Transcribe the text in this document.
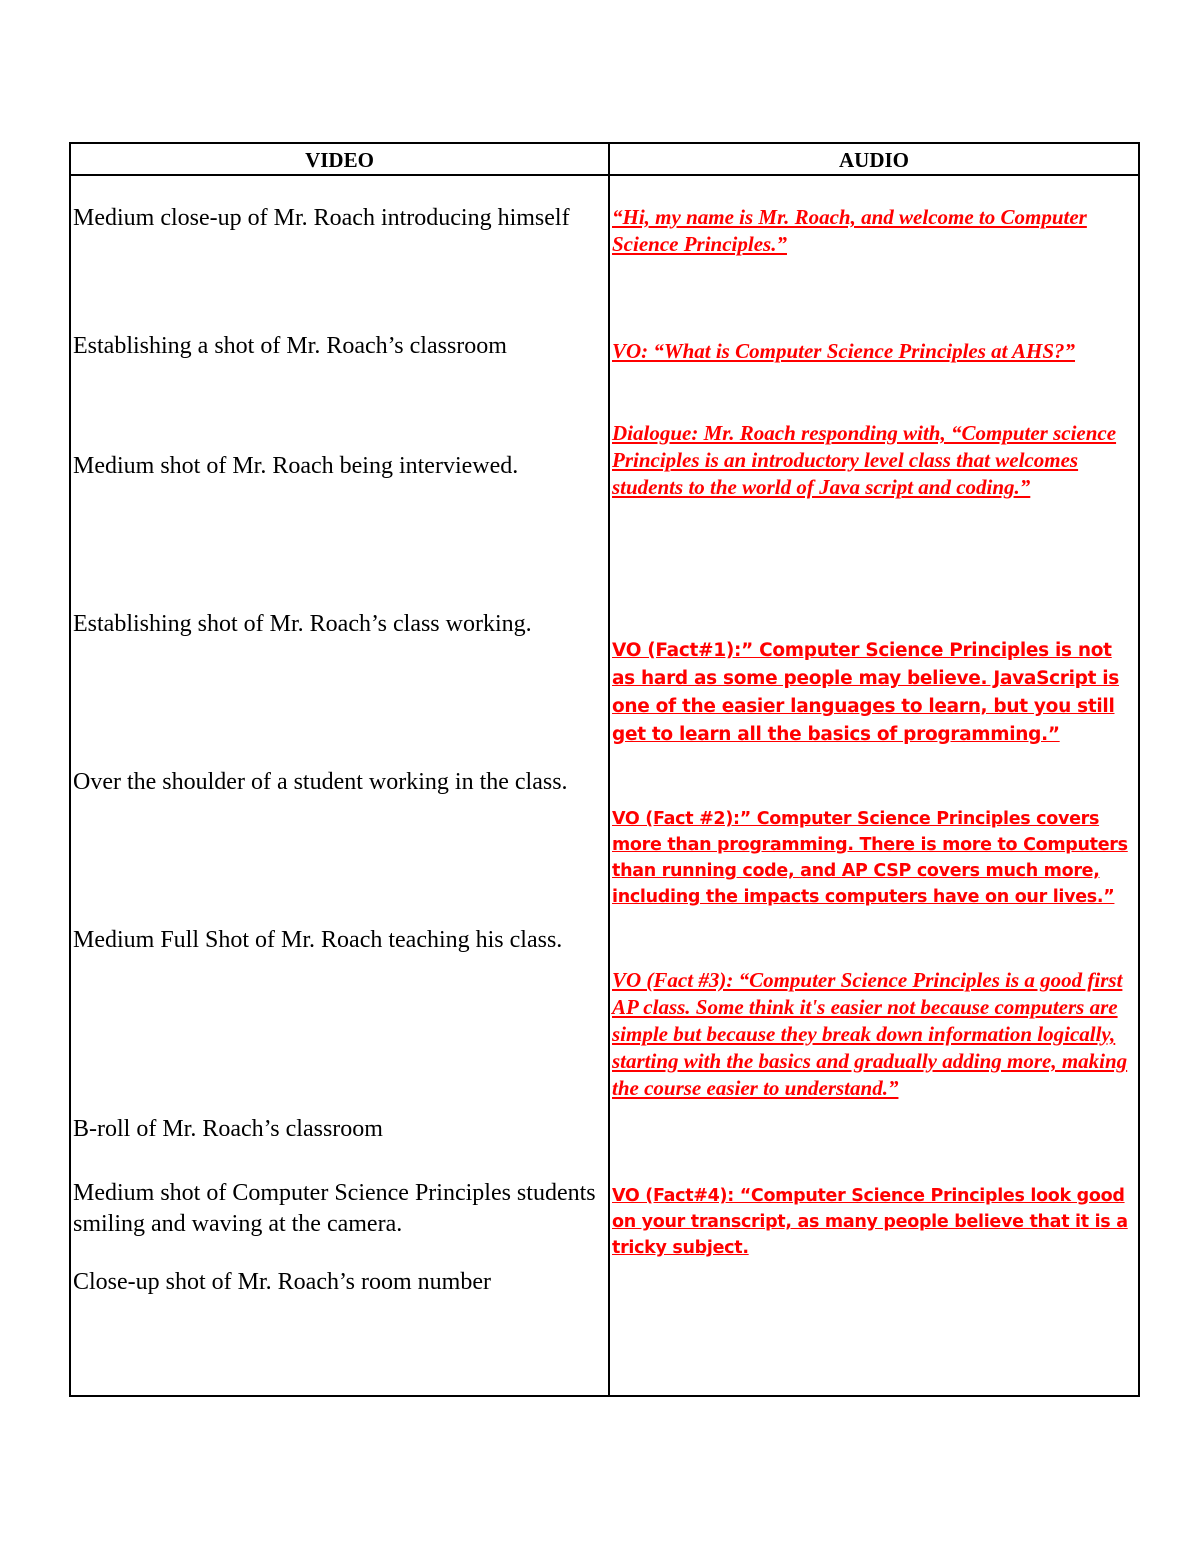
VIDEO	AUDIO

Medium close-up of Mr. Roach introducing himself

Establishing a shot of Mr. Roach’s classroom

Medium shot of Mr. Roach being interviewed.

Establishing shot of Mr. Roach’s class working.

Over the shoulder of a student working in the class.

Medium Full Shot of Mr. Roach teaching his class.

B-roll of Mr. Roach’s classroom

Medium shot of Computer Science Principles students smiling and waving at the camera.

Close-up shot of Mr. Roach’s room number

“Hi, my name is Mr. Roach, and welcome to Computer Science Principles.”

VO: “What is Computer Science Principles at AHS?”

Dialogue: Mr. Roach responding with, “Computer science Principles is an introductory level class that welcomes students to the world of Java script and coding.”

VO (Fact#1):” Computer Science Principles is not as hard as some people may believe. JavaScript is one of the easier languages to learn, but you still get to learn all the basics of programming.”

VO (Fact #2):” Computer Science Principles covers more than programming. There is more to Computers than running code, and AP CSP covers much more, including the impacts computers have on our lives.”

VO (Fact #3): “Computer Science Principles is a good first AP class. Some think it's easier not because computers are simple but because they break down information logically, starting with the basics and gradually adding more, making the course easier to understand.”

VO (Fact#4): “Computer Science Principles look good on your transcript, as many people believe that it is a tricky subject.
